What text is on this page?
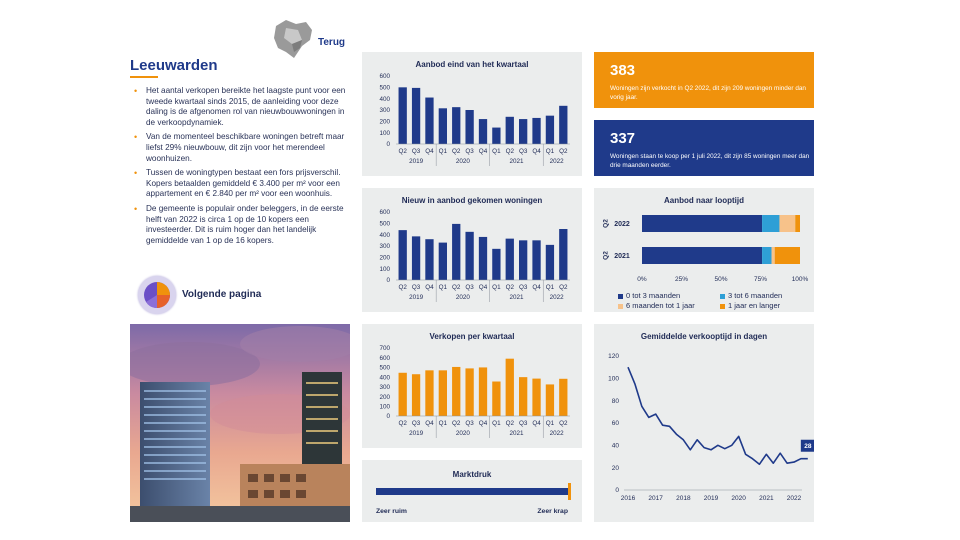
Terug
Leeuwarden
• Het aantal verkopen bereikte het laagste punt voor een tweede kwartaal sinds 2015, de aanleiding voor deze daling is de afgenomen rol van nieuwbouwwoningen in de verkoopdynamiek.
• Van de momenteel beschikbare woningen betreft maar liefst 29% nieuwbouw, dit zijn voor het merendeel woonhuizen.
• Tussen de woningtypen bestaat een fors prijsverschil. Kopers betaalden gemiddeld € 3.400 per m² voor een appartement en € 2.840 per m² voor een woonhuis.
• De gemeente is populair onder beleggers, in de eerste helft van 2022 is circa 1 op de 10 kopers een investeerder. Dit is ruim hoger dan het landelijk gemiddelde van 1 op de 16 kopers.
Volgende pagina
Aanbod eind van het kwartaal
0
100
200
300
400
500
600
Q2 Q3 Q4 Q1 Q2 Q3 Q4 Q1 Q2 Q3 Q4 Q1 Q2
2019	2020	2021	2022
Nieuw in aanbod gekomen woningen
0
100
200
300
400
500
600
Q2 Q3 Q4 Q1 Q2 Q3 Q4 Q1 Q2 Q3 Q4 Q1 Q2
2019	2020	2021	2022
Verkopen per kwartaal
0
100
200
300
400
500
600
700
Q2 Q3 Q4 Q1 Q2 Q3 Q4 Q1 Q2 Q3 Q4 Q1 Q2
2019	2020	2021	2022
Marktdruk
Zeer ruim	Zeer krap
383
Woningen zijn verkocht in Q2 2022, dit zijn 209 woningen minder dan vorig jaar.
337
Woningen staan te koop per 1 juli 2022, dit zijn 85 woningen meer dan drie maanden eerder.
Aanbod naar looptijd
2022
Q2
2021
Q2
0%	25%	50%	75%	100%
0 tot 3 maanden	3 tot 6 maanden
6 maanden tot 1 jaar	1 jaar en langer
Gemiddelde verkooptijd in dagen
0
20
40
60
80
100
120
2016 2017 2018 2019 2020 2021 2022
28
